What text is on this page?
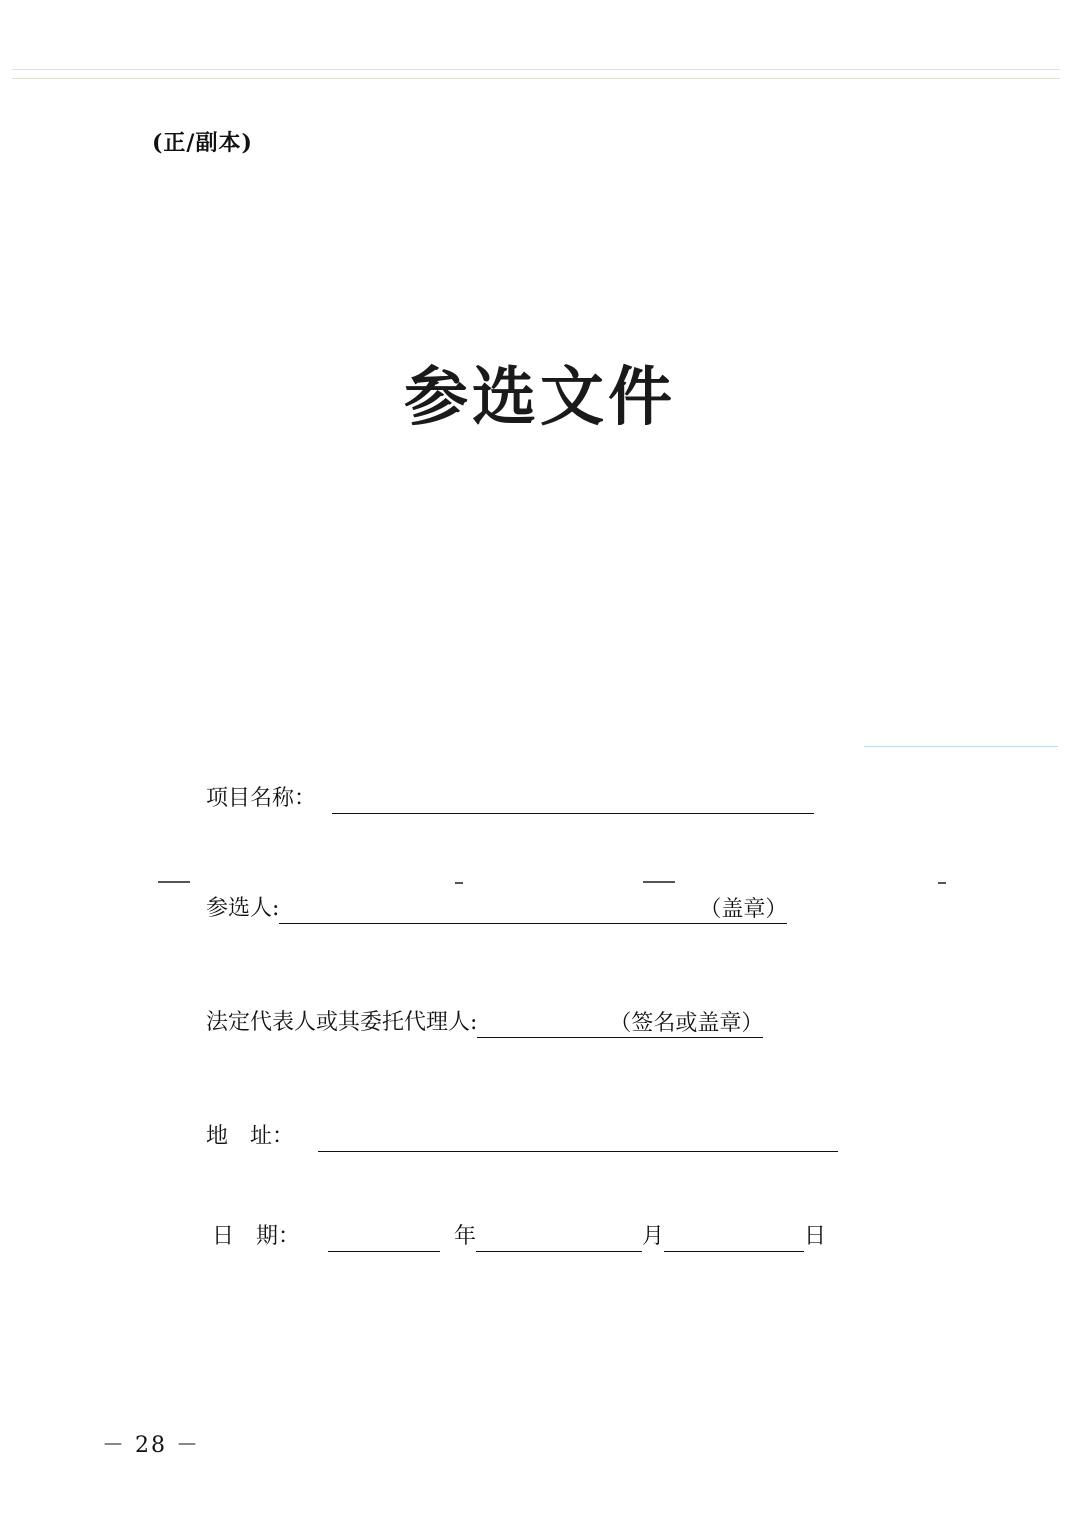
(正/副本)
参选文件
项目名称：
参选人:	（盖章）
法定代表人或其委托代理人:	（签名或盖章）
地　址：
日　期：	年	月	日
－ 28 －
